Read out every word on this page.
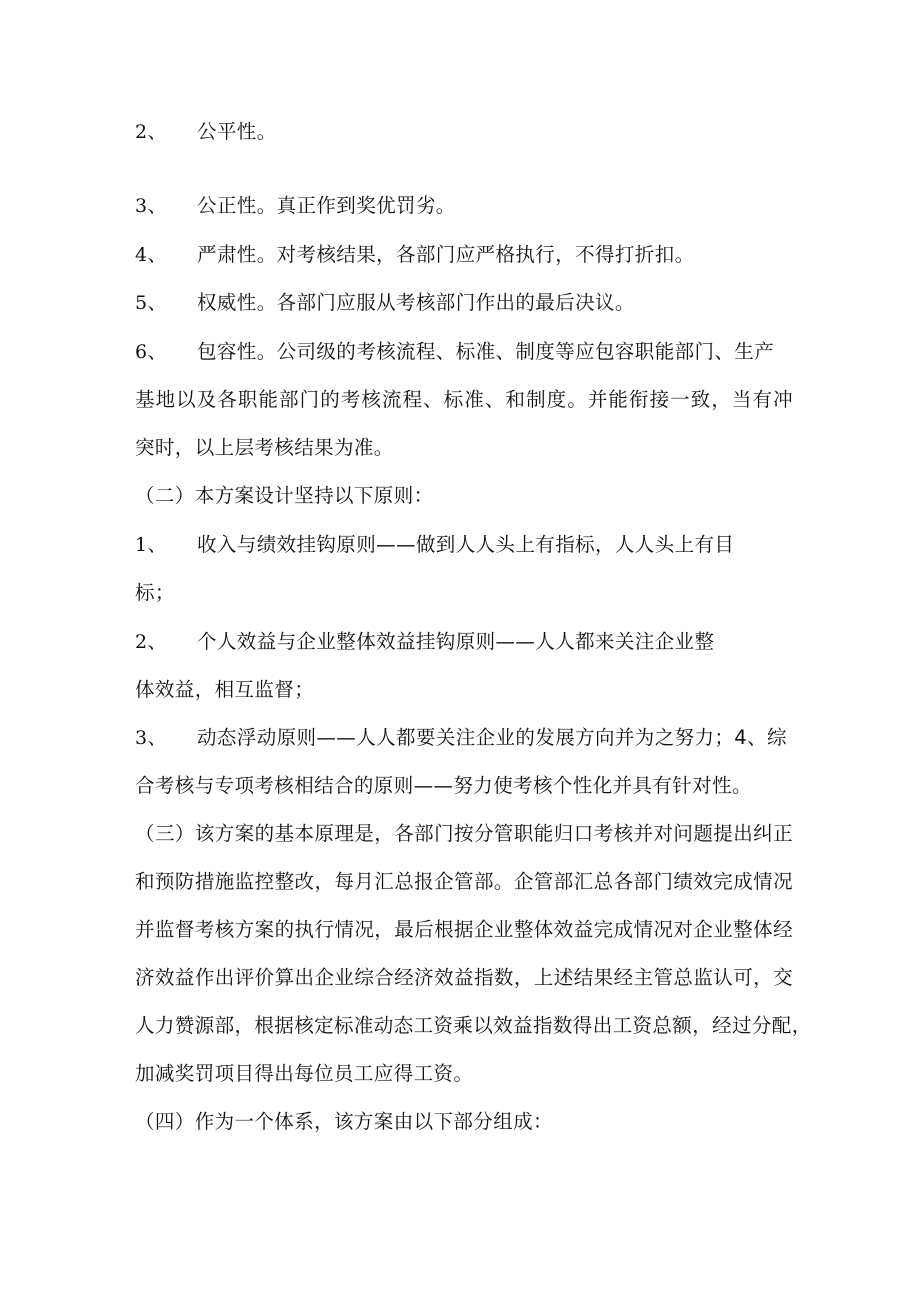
2、 公平性。
3、 公正性。真正作到奖优罚劣。
4、 严肃性。对考核结果，各部门应严格执行，不得打折扣。
5、 权威性。各部门应服从考核部门作出的最后决议。
6、 包容性。公司级的考核流程、标准、制度等应包容职能部门、生产
基地以及各职能部门的考核流程、标准、和制度。并能衔接一致，当有冲
突时，以上层考核结果为准。
（二）本方案设计坚持以下原则：
1、 收入与绩效挂钩原则——做到人人头上有指标，人人头上有目
标；
2、 个人效益与企业整体效益挂钩原则——人人都来关注企业整
体效益，相互监督；
3、 动态浮动原则——人人都要关注企业的发展方向并为之努力；4、综
合考核与专项考核相结合的原则——努力使考核个性化并具有针对性。
（三）该方案的基本原理是，各部门按分管职能归口考核并对问题提出纠正
和预防措施监控整改，每月汇总报企管部。企管部汇总各部门绩效完成情况
并监督考核方案的执行情况，最后根据企业整体效益完成情况对企业整体经
济效益作出评价算出企业综合经济效益指数，上述结果经主管总监认可，交
人力赞源部，根据核定标准动态工资乘以效益指数得出工资总额，经过分配，
加减奖罚项目得出每位员工应得工资。
（四）作为一个体系，该方案由以下部分组成：
